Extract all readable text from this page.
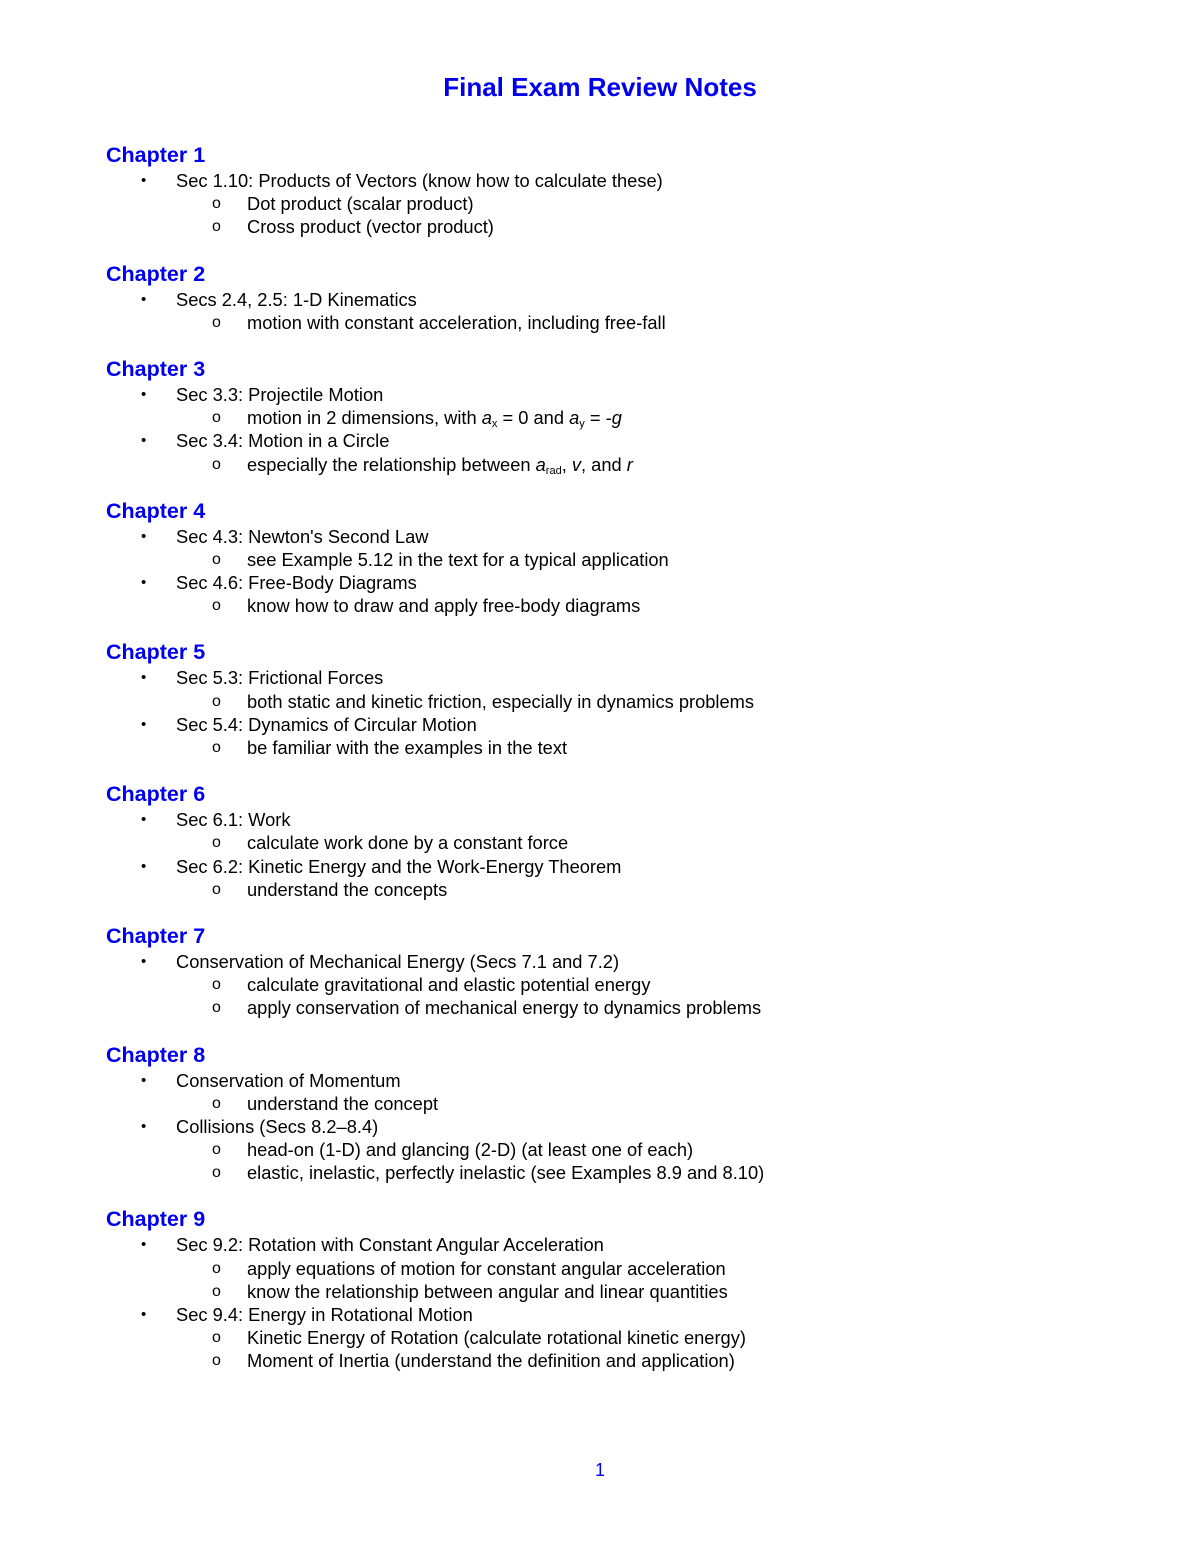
Final Exam Review Notes
Chapter 1
• Sec 1.10: Products of Vectors (know how to calculate these)
o Dot product (scalar product)
o Cross product (vector product)
Chapter 2
• Secs 2.4, 2.5: 1-D Kinematics
o motion with constant acceleration, including free-fall
Chapter 3
• Sec 3.3: Projectile Motion
o motion in 2 dimensions, with $a_x = 0$ and $a_y = -g$
• Sec 3.4: Motion in a Circle
o especially the relationship between $a_{rad}$, v, and r
Chapter 4
• Sec 4.3: Newton's Second Law
o see Example 5.12 in the text for a typical application
• Sec 4.6: Free-Body Diagrams
o know how to draw and apply free-body diagrams
Chapter 5
• Sec 5.3: Frictional Forces
o both static and kinetic friction, especially in dynamics problems
• Sec 5.4: Dynamics of Circular Motion
o be familiar with the examples in the text
Chapter 6
• Sec 6.1: Work
o calculate work done by a constant force
• Sec 6.2: Kinetic Energy and the Work-Energy Theorem
o understand the concepts
Chapter 7
• Conservation of Mechanical Energy (Secs 7.1 and 7.2)
o calculate gravitational and elastic potential energy
o apply conservation of mechanical energy to dynamics problems
Chapter 8
• Conservation of Momentum
o understand the concept
• Collisions (Secs 8.2–8.4)
o head-on (1-D) and glancing (2-D) (at least one of each)
o elastic, inelastic, perfectly inelastic (see Examples 8.9 and 8.10)
Chapter 9
• Sec 9.2: Rotation with Constant Angular Acceleration
o apply equations of motion for constant angular acceleration
o know the relationship between angular and linear quantities
• Sec 9.4: Energy in Rotational Motion
o Kinetic Energy of Rotation (calculate rotational kinetic energy)
o Moment of Inertia (understand the definition and application)
1
